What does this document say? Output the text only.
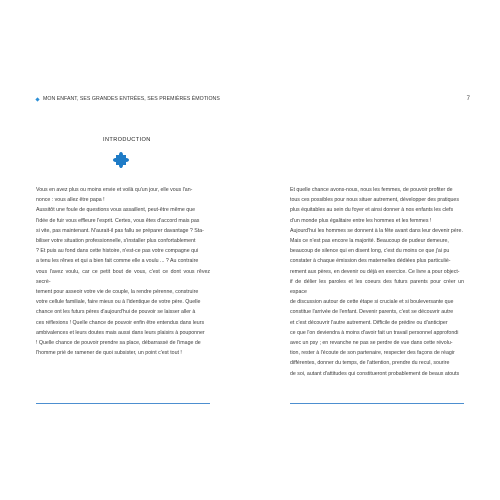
MON ENFANT, SES GRANDES ENTRÉES, SES PREMIÈRES ÉMOTIONS	7
INTRODUCTION

Vous en avez plus ou moins envie et voilà qu'un jour, elle vous l'an-

nonce : vous allez être papa !

Aussitôt une foule de questions vous assaillent, peut-être même que

l'idée de fuir vous effleure l'esprit. Certes, vous êtes d'accord mais pas

si vite, pas maintenant. N'aurait-il pas fallu se préparer davantage ? Sta-

biliser votre situation professionnelle, s'installer plus confortablement

? Et puis au fond dans cette histoire, n'est-ce pas votre compagne qui

a tenu les rênes et qui a bien fait comme elle a voulu ... ? Au contraire

vous l'avez voulu, car ce petit bout de vous, c'est ce dont vous rêvez secrè-

tement pour asseoir votre vie de couple, la rendre pérenne, construire

votre cellule familiale, faire mieux ou à l'identique de votre père. Quelle

chance ont les futurs pères d'aujourd'hui de pouvoir se laisser aller à

ces réflexions ! Quelle chance de pouvoir enfin être entendus dans leurs

ambivalences et leurs doutes mais aussi dans leurs plaisirs à pouponner

! Quelle chance de pouvoir prendre sa place, débarrassé de l'image de

l'homme prié de ramener de quoi subsister, un point c'est tout !

Et quelle chance avons-nous, nous les femmes, de pouvoir profiter de

tous ces possibles pour nous situer autrement, développer des pratiques

plus équitables au sein du foyer et ainsi donner à nos enfants les clefs

d'un monde plus égalitaire entre les hommes et les femmes !

Aujourd'hui les hommes se donnent à la fête avant dans leur devenir père.

Mais ce n'est pas encore la majorité. Beaucoup de pudeur demeure,

beaucoup de silence qui en disent long, c'est du moins ce que j'ai pu

constater à chaque émission des maternelles dédiées plus particuliè-

rement aux pères, en devenir ou déjà en exercice. Ce livre a pour object-

if de délier les paroles et les coeurs des futurs parents pour créer un espace

de discussion autour de cette étape si cruciale et si bouleversante que

constitue l'arrivée de l'enfant. Devenir parents, c'est se découvrir autre

et c'est découvrir l'autre autrement. Difficile de prédire ou d'anticiper

ce que l'on deviendra à moins d'avoir fait un travail personnel approfondi

avec un psy ; en revanche ne pas se perdre de vue dans cette révolu-

tion, rester à l'écoute de son partenaire, respecter des façons de réagir

différentes, donner du temps, de l'attention, prendre du recul, sourire

de soi, autant d'attitudes qui constitueront probablement de beaux atouts
